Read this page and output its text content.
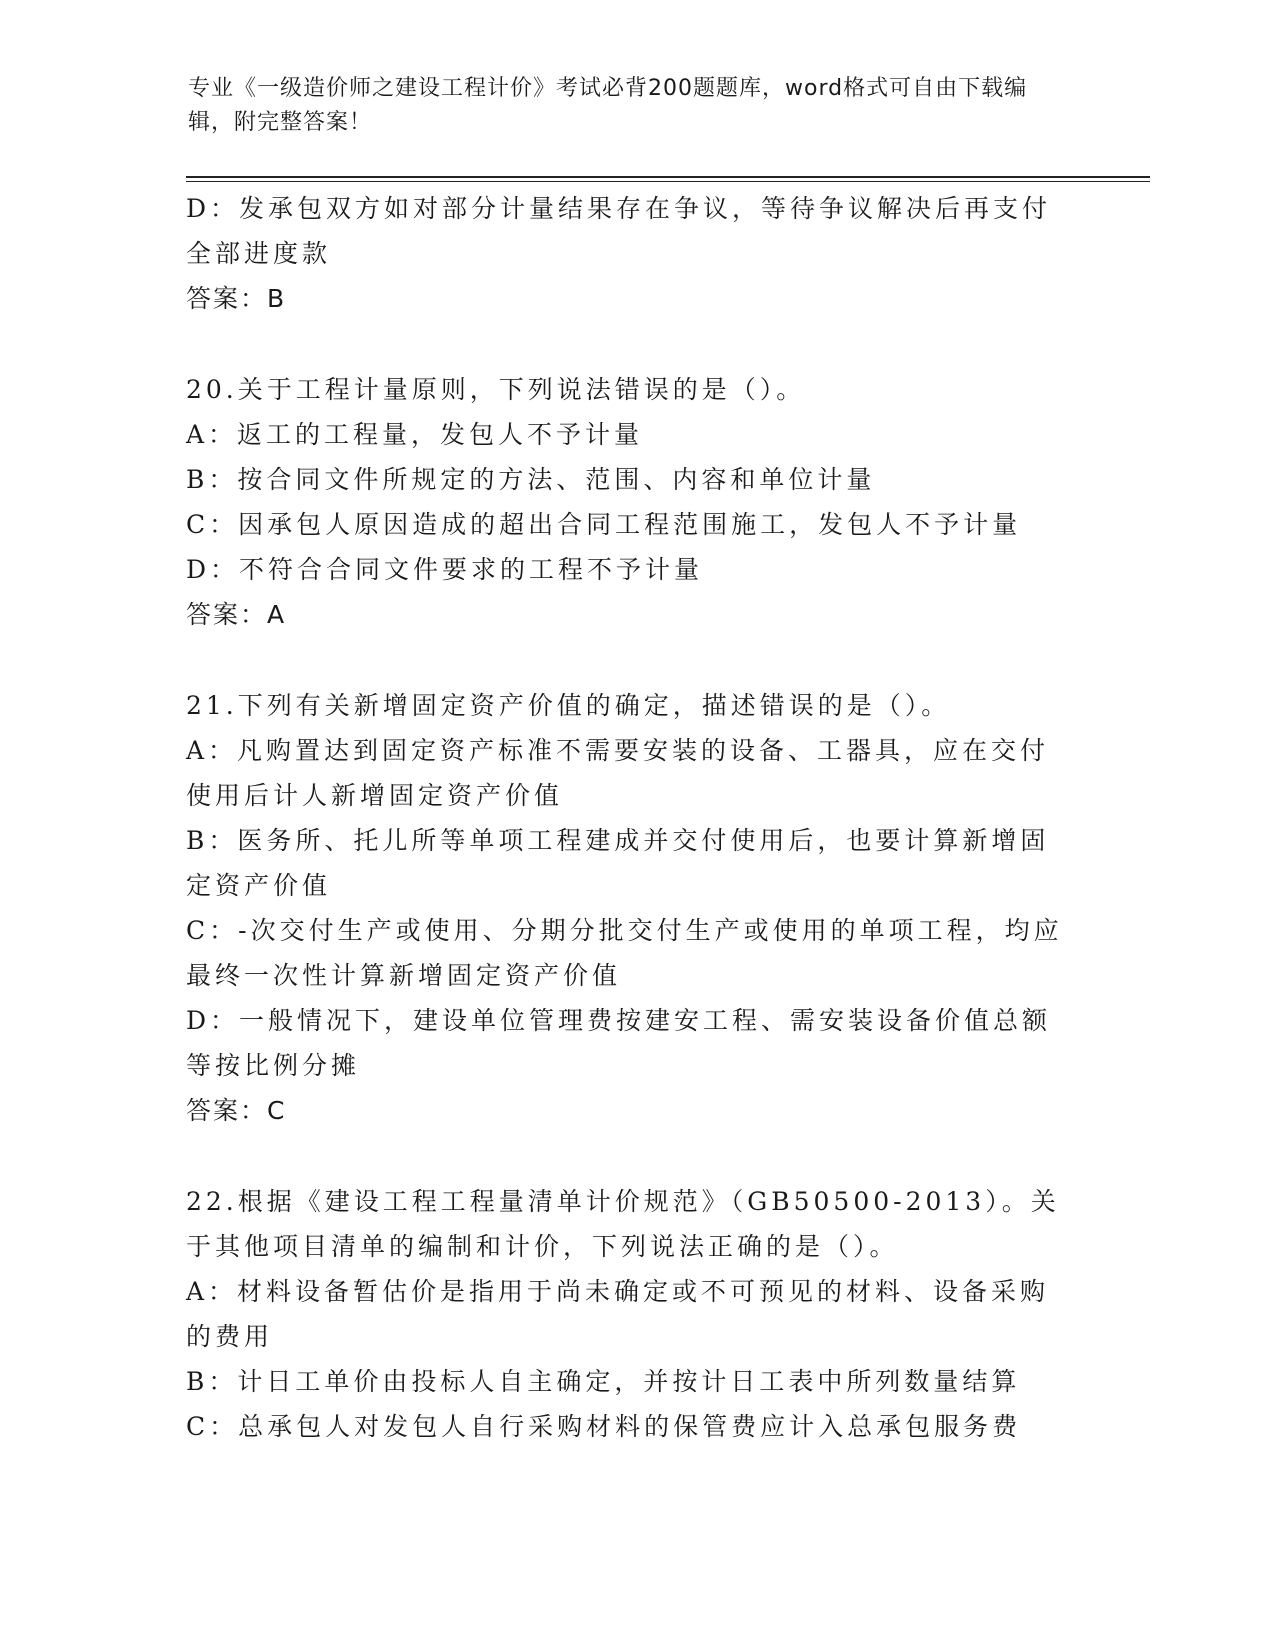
专业《一级造价师之建设工程计价》考试必背200题题库，word格式可自由下载编辑，附完整答案！

D：发承包双方如对部分计量结果存在争议，等待争议解决后再支付全部进度款

答案：B

20.关于工程计量原则，下列说法错误的是（）。

A：返工的工程量，发包人不予计量

B：按合同文件所规定的方法、范围、内容和单位计量

C：因承包人原因造成的超出合同工程范围施工，发包人不予计量

D：不符合合同文件要求的工程不予计量

答案：A

21.下列有关新增固定资产价值的确定，描述错误的是（）。

A：凡购置达到固定资产标准不需要安装的设备、工器具，应在交付使用后计人新增固定资产价值

B：医务所、托儿所等单项工程建成并交付使用后，也要计算新增固定资产价值

C：-次交付生产或使用、分期分批交付生产或使用的单项工程，均应最终一次性计算新增固定资产价值

D：一般情况下，建设单位管理费按建安工程、需安装设备价值总额等按比例分摊

答案：C

22.根据《建设工程工程量清单计价规范》（GB50500-2013）。关于其他项目清单的编制和计价，下列说法正确的是（）。

A：材料设备暂估价是指用于尚未确定或不可预见的材料、设备采购的费用

B：计日工单价由投标人自主确定，并按计日工表中所列数量结算

C：总承包人对发包人自行采购材料的保管费应计入总承包服务费
